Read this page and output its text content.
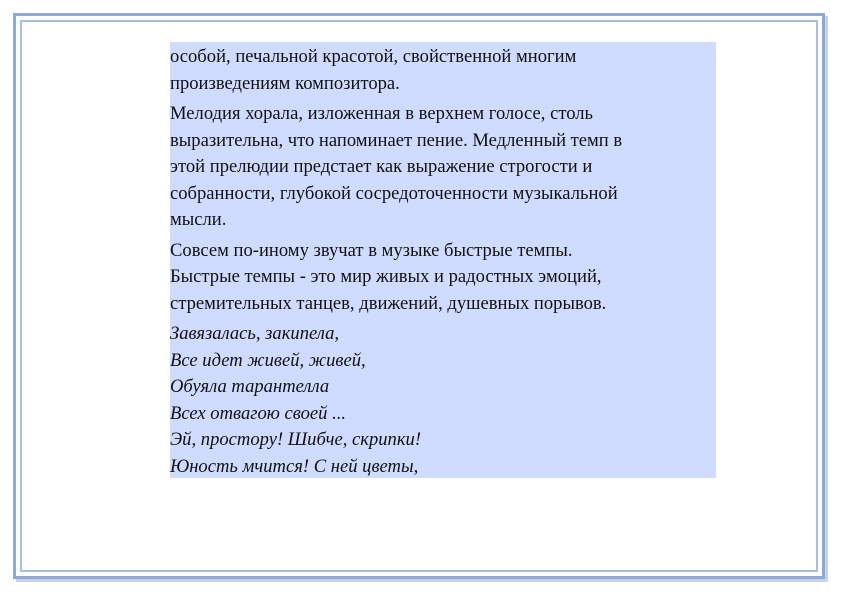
особой, печальной красотой, свойственной многим
произведениям композитора.

Мелодия хорала, изложенная в верхнем голосе, столь
выразительна, что напоминает пение. Медленный темп в
этой прелюдии предстает как выражение строгости и
собранности, глубокой сосредоточенности музыкальной
мысли.

Совсем по-иному звучат в музыке быстрые темпы.
Быстрые темпы - это мир живых и радостных эмоций,
стремительных танцев, движений, душевных порывов.

Завязалась, закипела,
Все идет живей, живей,
Обуяла тарантелла
Всех отвагою своей ...
Эй, простору! Шибче, скрипки!
Юность мчится! С ней цветы,
